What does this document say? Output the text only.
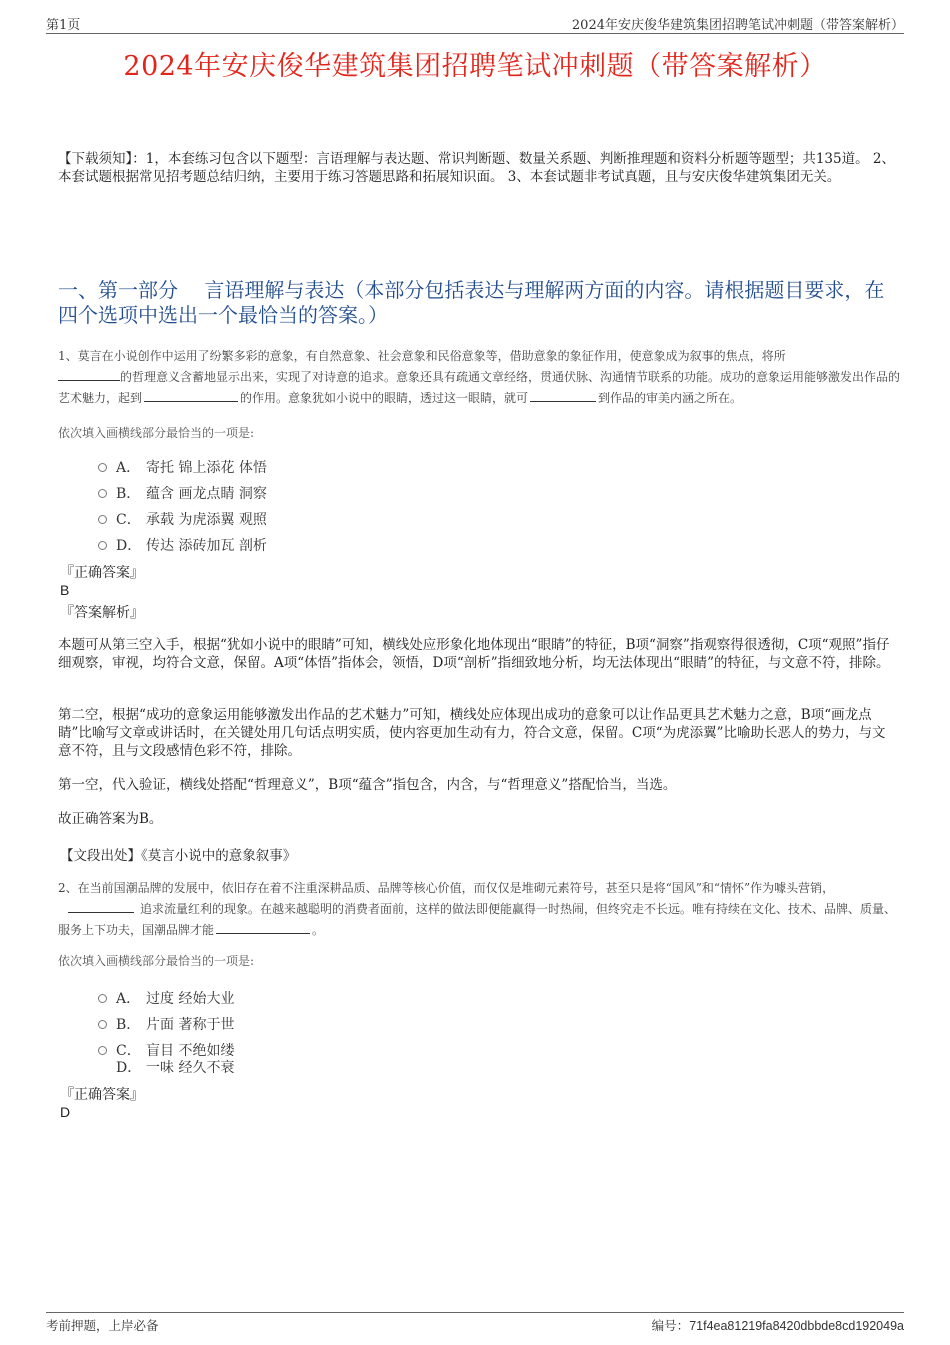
第1页	2024年安庆俊华建筑集团招聘笔试冲刺题（带答案解析）
2024年安庆俊华建筑集团招聘笔试冲刺题（带答案解析）
【下载须知】：1，本套练习包含以下题型：言语理解与表达题、常识判断题、数量关系题、判断推理题和资料分析题等题型；共135道。 2、本套试题根据常见招考题总结归纳，主要用于练习答题思路和拓展知识面。 3、本套试题非考试真题，且与安庆俊华建筑集团无关。
一、第一部分　 言语理解与表达（本部分包括表达与理解两方面的内容。请根据题目要求，在四个选项中选出一个最恰当的答案。）
1、莫言在小说创作中运用了纷繁多彩的意象，有自然意象、社会意象和民俗意象等，借助意象的象征作用，使意象成为叙事的焦点，将所
的哲理意义含蓄地显示出来，实现了对诗意的追求。意象还具有疏通文章经络，贯通伏脉、沟通情节联系的功能。成功的意象运用能够激发出作品的艺术魅力，起到	的作用。意象犹如小说中的眼睛，透过这一眼睛，就可	到作品的审美内涵之所在。
依次填入画横线部分最恰当的一项是:
A． 寄托 锦上添花 体悟
B． 蕴含 画龙点睛 洞察
C． 承载 为虎添翼 观照
D． 传达 添砖加瓦 剖析
『正确答案』
B
『答案解析』
本题可从第三空入手，根据“犹如小说中的眼睛”可知，横线处应形象化地体现出“眼睛”的特征，B项“洞察”指观察得很透彻，C项“观照”指仔细观察，审视，均符合文意，保留。A项“体悟”指体会，领悟，D项“剖析”指细致地分析，均无法体现出“眼睛”的特征，与文意不符，排除。
第二空，根据“成功的意象运用能够激发出作品的艺术魅力”可知，横线处应体现出成功的意象可以让作品更具艺术魅力之意，B项“画龙点睛”比喻写文章或讲话时，在关键处用几句话点明实质，使内容更加生动有力，符合文意，保留。C项“为虎添翼”比喻助长恶人的势力，与文意不符，且与文段感情色彩不符，排除。
第一空，代入验证，横线处搭配“哲理意义”，B项“蕴含”指包含，内含，与“哲理意义”搭配恰当，当选。
故正确答案为B。
【文段出处】《莫言小说中的意象叙事》
2、在当前国潮品牌的发展中，依旧存在着不注重深耕品质、品牌等核心价值，而仅仅是堆砌元素符号，甚至只是将“国风”和“情怀”作为噱头营销，追求流量红利的现象。在越来越聪明的消费者面前，这样的做法即便能赢得一时热闹，但终究走不长远。唯有持续在文化、技术、品牌、质量、服务上下功夫，国潮品牌才能	。
依次填入画横线部分最恰当的一项是:
A． 过度 经始大业
B． 片面 著称于世
C． 盲目 不绝如缕
D． 一味 经久不衰
『正确答案』
D
考前押题，上岸必备	编号：71f4ea81219fa8420dbbde8cd192049a
